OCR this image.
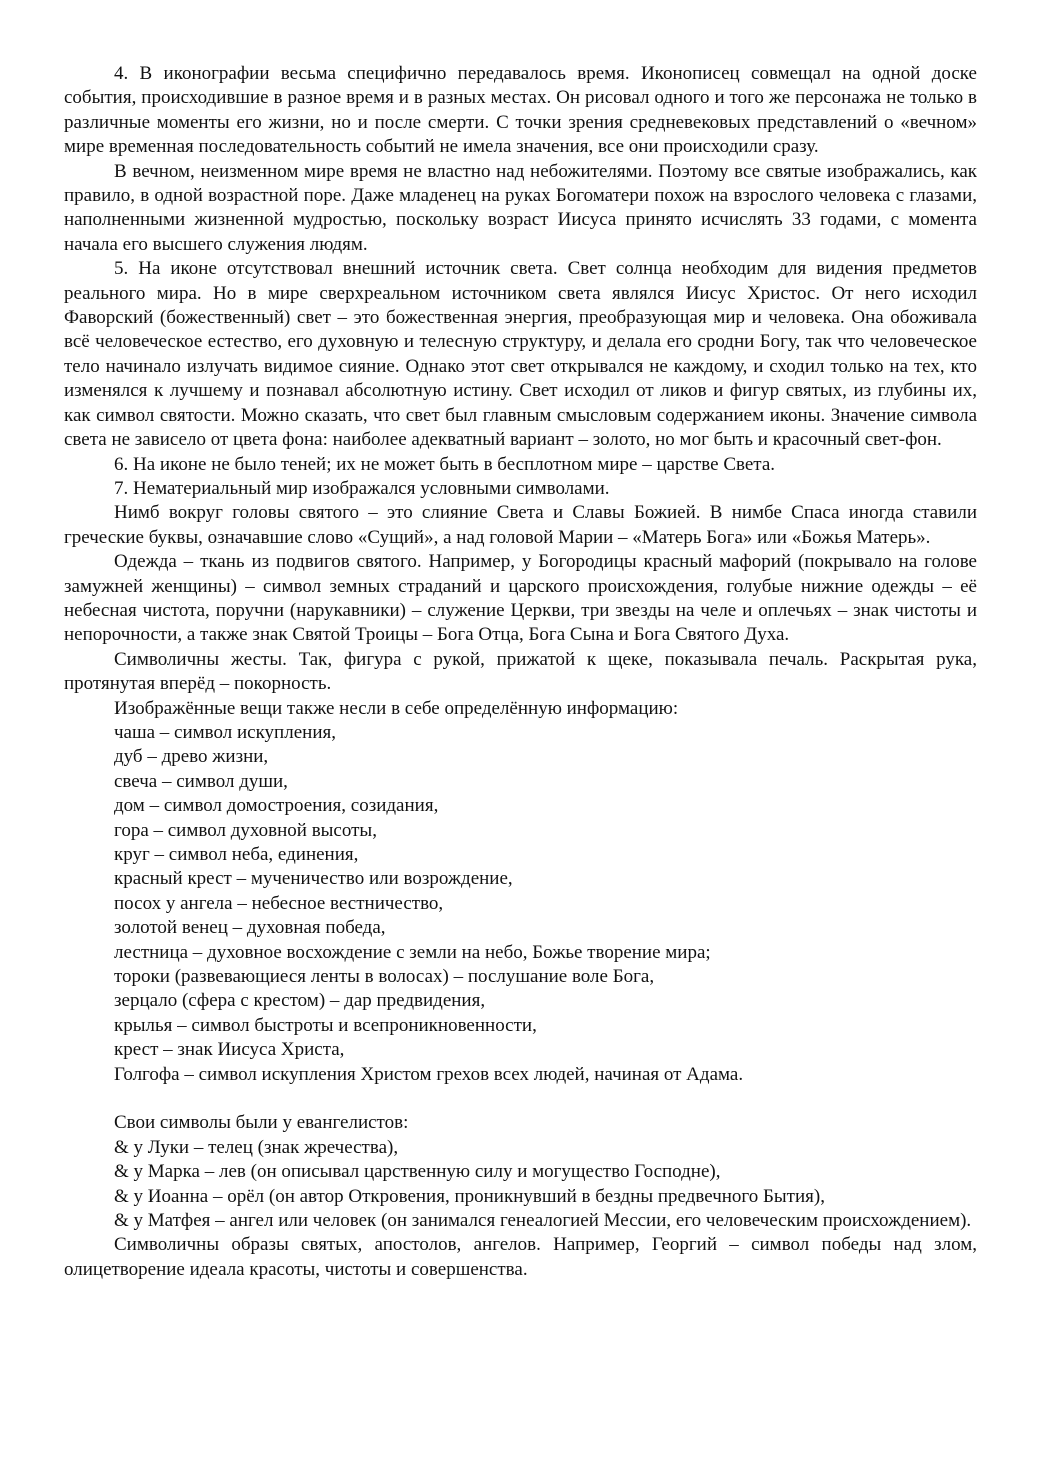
4. В иконографии весьма специфично передавалось время. Иконописец совмещал на одной доске события, происходившие в разное время и в разных местах. Он рисовал одного и того же персонажа не только в различные моменты его жизни, но и после смерти. С точки зрения средневековых представлений о «вечном» мире временная последовательность событий не имела значения, все они происходили сразу.

В вечном, неизменном мире время не властно над небожителями. Поэтому все святые изображались, как правило, в одной возрастной поре. Даже младенец на руках Богоматери похож на взрослого человека с глазами, наполненными жизненной мудростью, поскольку возраст Иисуса принято исчислять 33 годами, с момента начала его высшего служения людям.

5. На иконе отсутствовал внешний источник света. Свет солнца необходим для видения предметов реального мира. Но в мире сверхреальном источником света являлся Иисус Христос. От него исходил Фаворский (божественный) свет – это божественная энергия, преобразующая мир и человека. Она обоживала всё человеческое естество, его духовную и телесную структуру, и делала его сродни Богу, так что человеческое тело начинало излучать видимое сияние. Однако этот свет открывался не каждому, и сходил только на тех, кто изменялся к лучшему и познавал абсолютную истину. Свет исходил от ликов и фигур святых, из глубины их, как символ святости. Можно сказать, что свет был главным смысловым содержанием иконы. Значение символа света не зависело от цвета фона: наиболее адекватный вариант – золото, но мог быть и красочный свет-фон.

6. На иконе не было теней; их не может быть в бесплотном мире – царстве Света.

7. Нематериальный мир изображался условными символами.

Нимб вокруг головы святого – это слияние Света и Славы Божией. В нимбе Спаса иногда ставили греческие буквы, означавшие слово «Сущий», а над головой Марии – «Матерь Бога» или «Божья Матерь».

Одежда – ткань из подвигов святого. Например, у Богородицы красный мафорий (покрывало на голове замужней женщины) – символ земных страданий и царского происхождения, голубые нижние одежды – её небесная чистота, поручни (нарукавники) – служение Церкви, три звезды на челе и оплечьях – знак чистоты и непорочности, а также знак Святой Троицы – Бога Отца, Бога Сына и Бога Святого Духа.

Символичны жесты. Так, фигура с рукой, прижатой к щеке, показывала печаль. Раскрытая рука, протянутая вперёд – покорность.

Изображённые вещи также несли в себе определённую информацию:

чаша – символ искупления,

дуб – древо жизни,

свеча – символ души,

дом – символ домостроения, созидания,

гора – символ духовной высоты,

круг – символ неба, единения,

красный крест – мученичество или возрождение,

посох у ангела – небесное вестничество,

золотой венец – духовная победа,

лестница – духовное восхождение с земли на небо, Божье творение мира;

тороки (развевающиеся ленты в волосах) – послушание воле Бога,

зерцало (сфера с крестом) – дар предвидения,

крылья – символ быстроты и всепроникновенности,

крест – знак Иисуса Христа,

Голгофа – символ искупления Христом грехов всех людей, начиная от Адама.

Свои символы были у евангелистов:

& у Луки – телец (знак жречества),

& у Марка – лев (он описывал царственную силу и могущество Господне),

& у Иоанна – орёл (он автор Откровения, проникнувший в бездны предвечного Бытия),

& у Матфея – ангел или человек (он занимался генеалогией Мессии, его человеческим происхождением).

Символичны образы святых, апостолов, ангелов. Например, Георгий – символ победы над злом, олицетворение идеала красоты, чистоты и совершенства.
